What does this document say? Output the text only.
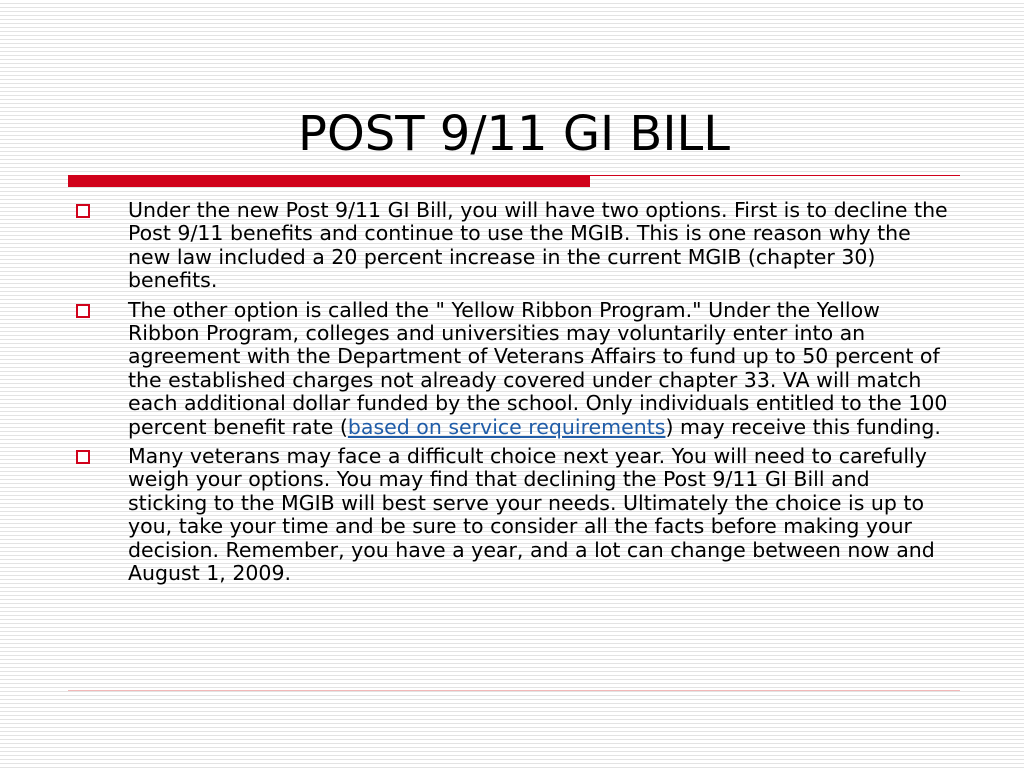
POST 9/11 GI BILL
Under the new Post 9/11 GI Bill, you will have two options. First is to decline the Post 9/11 benefits and continue to use the MGIB. This is one reason why the new law included a 20 percent increase in the current MGIB (chapter 30) benefits.
The other option is called the " Yellow Ribbon Program." Under the Yellow Ribbon Program, colleges and universities may voluntarily enter into an agreement with the Department of Veterans Affairs to fund up to 50 percent of the established charges not already covered under chapter 33. VA will match each additional dollar funded by the school. Only individuals entitled to the 100 percent benefit rate (based on service requirements) may receive this funding.
Many veterans may face a difficult choice next year. You will need to carefully weigh your options. You may find that declining the Post 9/11 GI Bill and sticking to the MGIB will best serve your needs. Ultimately the choice is up to you, take your time and be sure to consider all the facts before making your decision. Remember, you have a year, and a lot can change between now and August 1, 2009.
